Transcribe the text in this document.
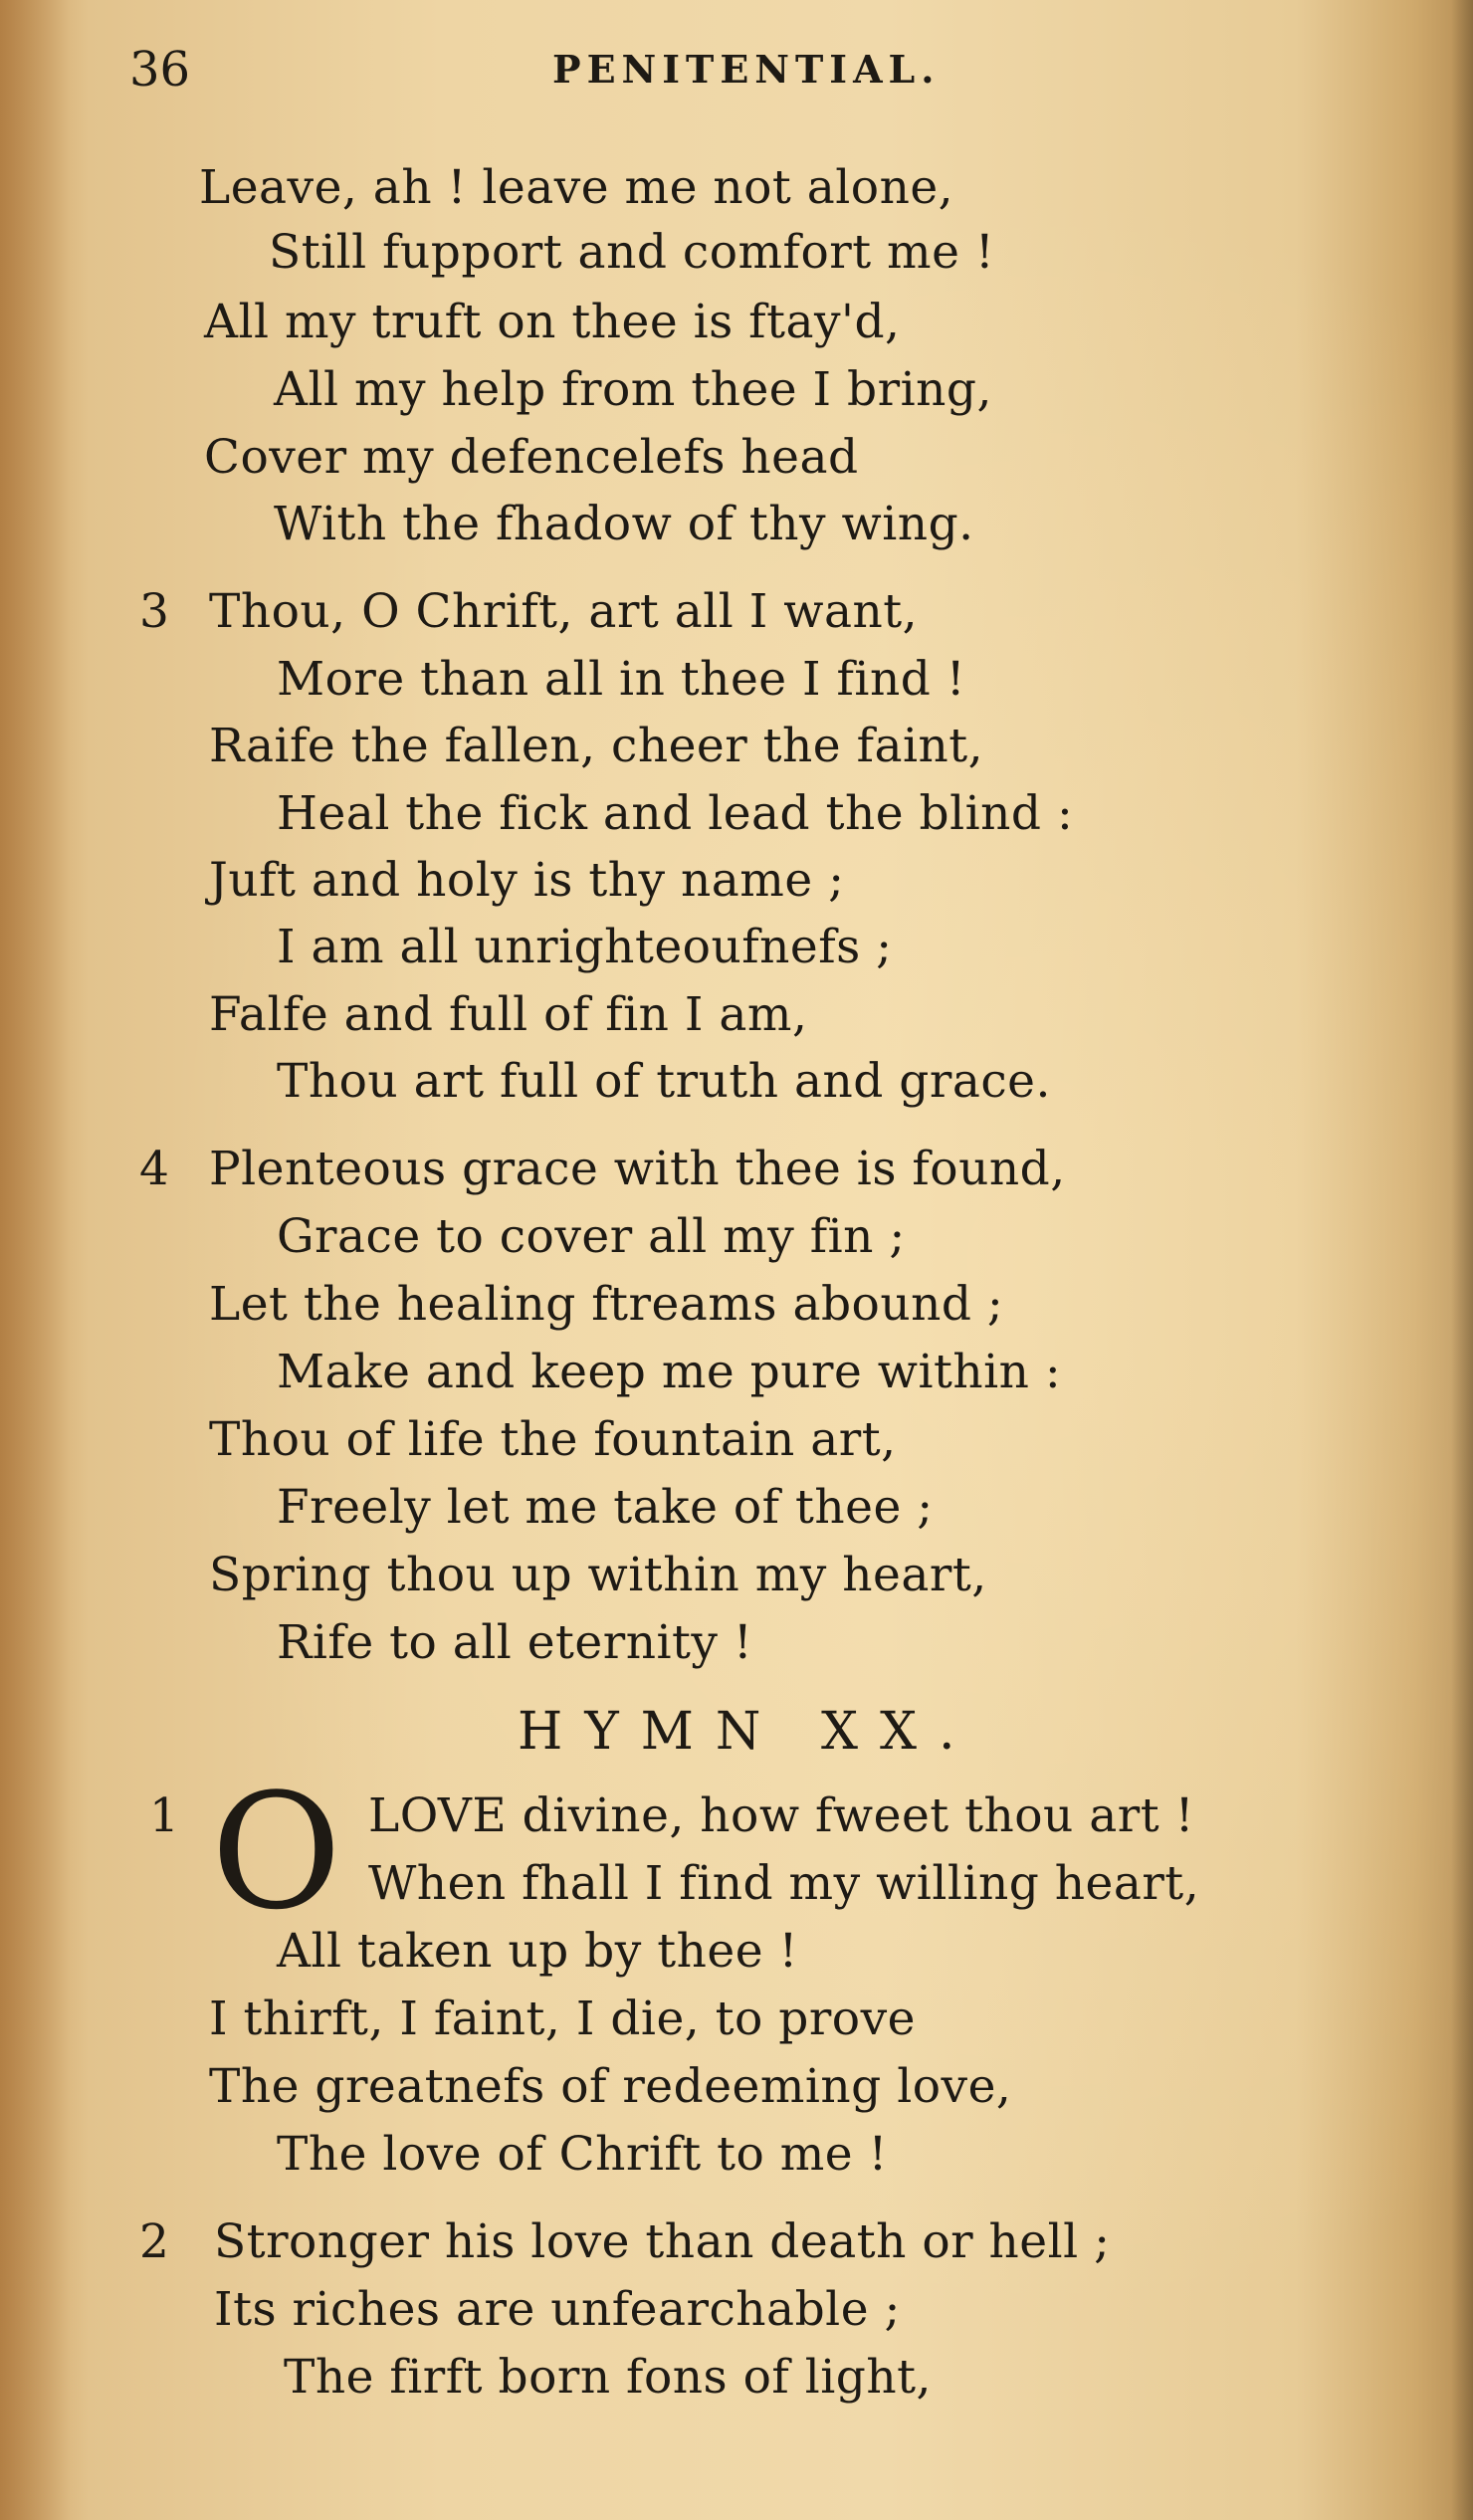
36	PENITENTIAL.
Leave, ah ! leave me not alone,
Still fupport and comfort me !
All my truft on thee is ftay'd,
All my help from thee I bring,
Cover my defencelefs head
With the fhadow of thy wing.
3 Thou, O Chrift, art all I want,
More than all in thee I find !
Raife the fallen, cheer the faint,
Heal the fick and lead the blind :
Juft and holy is thy name ;
I am all unrighteoufnefs ;
Falfe and full of fin I am,
Thou art full of truth and grace.
4 Plenteous grace with thee is found,
Grace to cover all my fin ;
Let the healing ftreams abound ;
Make and keep me pure within :
Thou of life the fountain art,
Freely let me take of thee ;
Spring thou up within my heart,
Rife to all eternity !
HYMN XX.
1 O LOVE divine, how fweet thou art !
When fhall I find my willing heart,
All taken up by thee !
I thirft, I faint, I die, to prove
The greatnefs of redeeming love,
The love of Chrift to me !
2 Stronger his love than death or hell ;
Its riches are unfearchable ;
The firft born fons of light,
